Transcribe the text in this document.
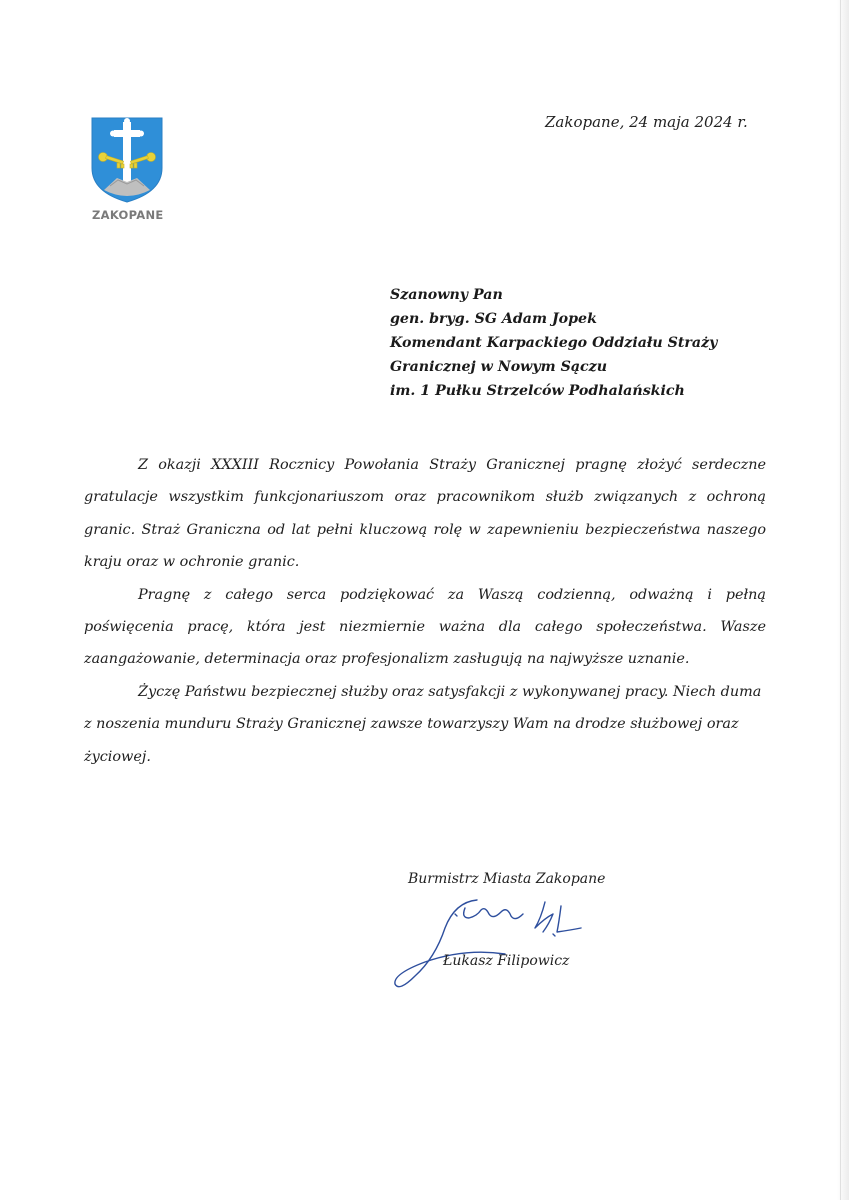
ZAKOPANE
Zakopane, 24 maja 2024 r.
Szanowny Pan
gen. bryg. SG Adam Jopek
Komendant Karpackiego Oddziału Straży
Granicznej w Nowym Sączu
im. 1 Pułku Strzelców Podhalańskich

Z okazji XXXIII Rocznicy Powołania Straży Granicznej pragnę złożyć serdeczne gratulacje wszystkim funkcjonariuszom oraz pracownikom służb związanych z ochroną granic. Straż Graniczna od lat pełni kluczową rolę w zapewnieniu bezpieczeństwa naszego kraju oraz w ochronie granic.

Pragnę z całego serca podziękować za Waszą codzienną, odważną i pełną poświęcenia pracę, która jest niezmiernie ważna dla całego społeczeństwa. Wasze zaangażowanie, determinacja oraz profesjonalizm zasługują na najwyższe uznanie.

Życzę Państwu bezpiecznej służby oraz satysfakcji z wykonywanej pracy. Niech duma z noszenia munduru Straży Granicznej zawsze towarzyszy Wam na drodze służbowej oraz życiowej.

Burmistrz Miasta Zakopane
Łukasz Filipowicz
